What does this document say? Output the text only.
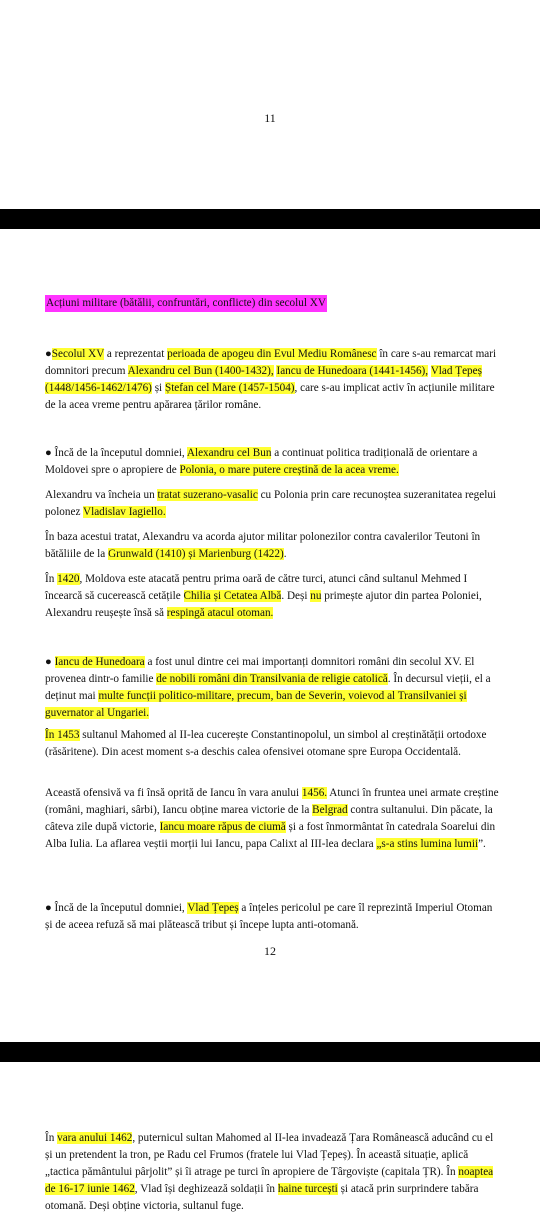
11
Acțiuni militare (bătălii, confruntări, conflicte) din secolul XV

●Secolul XV a reprezentat perioada de apogeu din Evul Mediu Românesc în care s-au remarcat mari domnitori precum Alexandru cel Bun (1400-1432), Iancu de Hunedoara (1441-1456), Vlad Țepeș (1448/1456-1462/1476) și Ștefan cel Mare (1457-1504), care s-au implicat activ în acțiunile militare de la acea vreme pentru apărarea țărilor române.

● Încă de la începutul domniei, Alexandru cel Bun a continuat politica tradițională de orientare a Moldovei spre o apropiere de Polonia, o mare putere creștină de la acea vreme.

Alexandru va încheia un tratat suzerano-vasalic cu Polonia prin care recunoștea suzeranitatea regelui polonez Vladislav Iagiello.

În baza acestui tratat, Alexandru va acorda ajutor militar polonezilor contra cavalerilor Teutoni în bătăliile de la Grunwald (1410) și Marienburg (1422).

În 1420, Moldova este atacată pentru prima oară de către turci, atunci când sultanul Mehmed I încearcă să cucerească cetățile Chilia și Cetatea Albă. Deși nu primește ajutor din partea Poloniei, Alexandru reușește însă să respingă atacul otoman.

● Iancu de Hunedoara a fost unul dintre cei mai importanți domnitori români din secolul XV. El provenea dintr-o familie de nobili români din Transilvania de religie catolică. În decursul vieții, el a deținut mai multe funcții politico-militare, precum, ban de Severin, voievod al Transilvaniei și guvernator al Ungariei.

În 1453 sultanul Mahomed al II-lea cucerește Constantinopolul, un simbol al creștinătății ortodoxe (răsăritene). Din acest moment s-a deschis calea ofensivei otomane spre Europa Occidentală.

Această ofensivă va fi însă oprită de Iancu în vara anului 1456. Atunci în fruntea unei armate creștine (români, maghiari, sârbi), Iancu obține marea victorie de la Belgrad contra sultanului. Din păcate, la câteva zile după victorie, Iancu moare răpus de ciumă și a fost înmormântat în catedrala Soarelui din Alba Iulia. La aflarea veștii morții lui Iancu, papa Calixt al III-lea declara „s-a stins lumina lumii”.

● Încă de la începutul domniei, Vlad Țepeș a înțeles pericolul pe care îl reprezintă Imperiul Otoman și de aceea refuză să mai plătească tribut și începe lupta anti-otomană.

12

În vara anului 1462, puternicul sultan Mahomed al II-lea invadează Țara Românească aducând cu el și un pretendent la tron, pe Radu cel Frumos (fratele lui Vlad Țepeș). În această situație, aplică „tactica pământului pârjolit” și îi atrage pe turci în apropiere de Târgoviște (capitala ȚR). În noaptea de 16-17 iunie 1462, Vlad își deghizează soldații în haine turcești și atacă prin surprindere tabăra otomană. Deși obține victoria, sultanul fuge.
